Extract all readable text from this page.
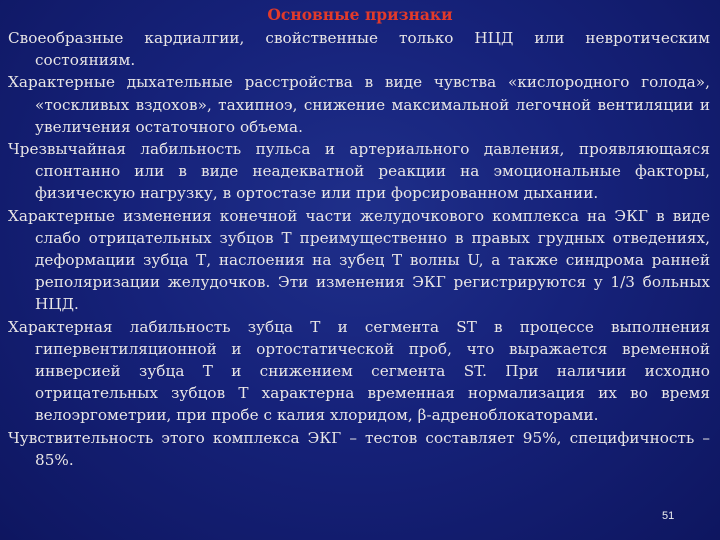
Основные признаки
Своеобразные кардиалгии, свойственные только НЦД или невротическим состояниям.
Характерные дыхательные расстройства в виде чувства «кислородного голода», «тоскливых вздохов», тахипноэ, снижение максимальной легочной вентиляции и увеличения остаточного объема.
Чрезвычайная лабильность пульса и артериального давления, проявляющаяся спонтанно или в виде неадекватной реакции на эмоциональные факторы, физическую нагрузку, в ортостазе или при форсированном дыхании.
Характерные изменения конечной части желудочкового комплекса на ЭКГ в виде слабо отрицательных зубцов Т преимущественно в правых грудных отведениях, деформации зубца Т, наслоения на зубец Т волны U, а также синдрома ранней реполяризации желудочков. Эти изменения ЭКГ регистрируются у 1/3 больных НЦД.
Характерная лабильность зубца Т и сегмента ST в процессе выполнения гипервентиляционной и ортостатической проб, что выражается временной инверсией зубца Т и снижением сегмента ST. При наличии исходно отрицательных зубцов Т характерна временная нормализация их во время велоэргометрии, при пробе с калия хлоридом, β-адреноблокаторами.
Чувствительность этого комплекса ЭКГ – тестов составляет 95%, специфичность – 85%.
51
